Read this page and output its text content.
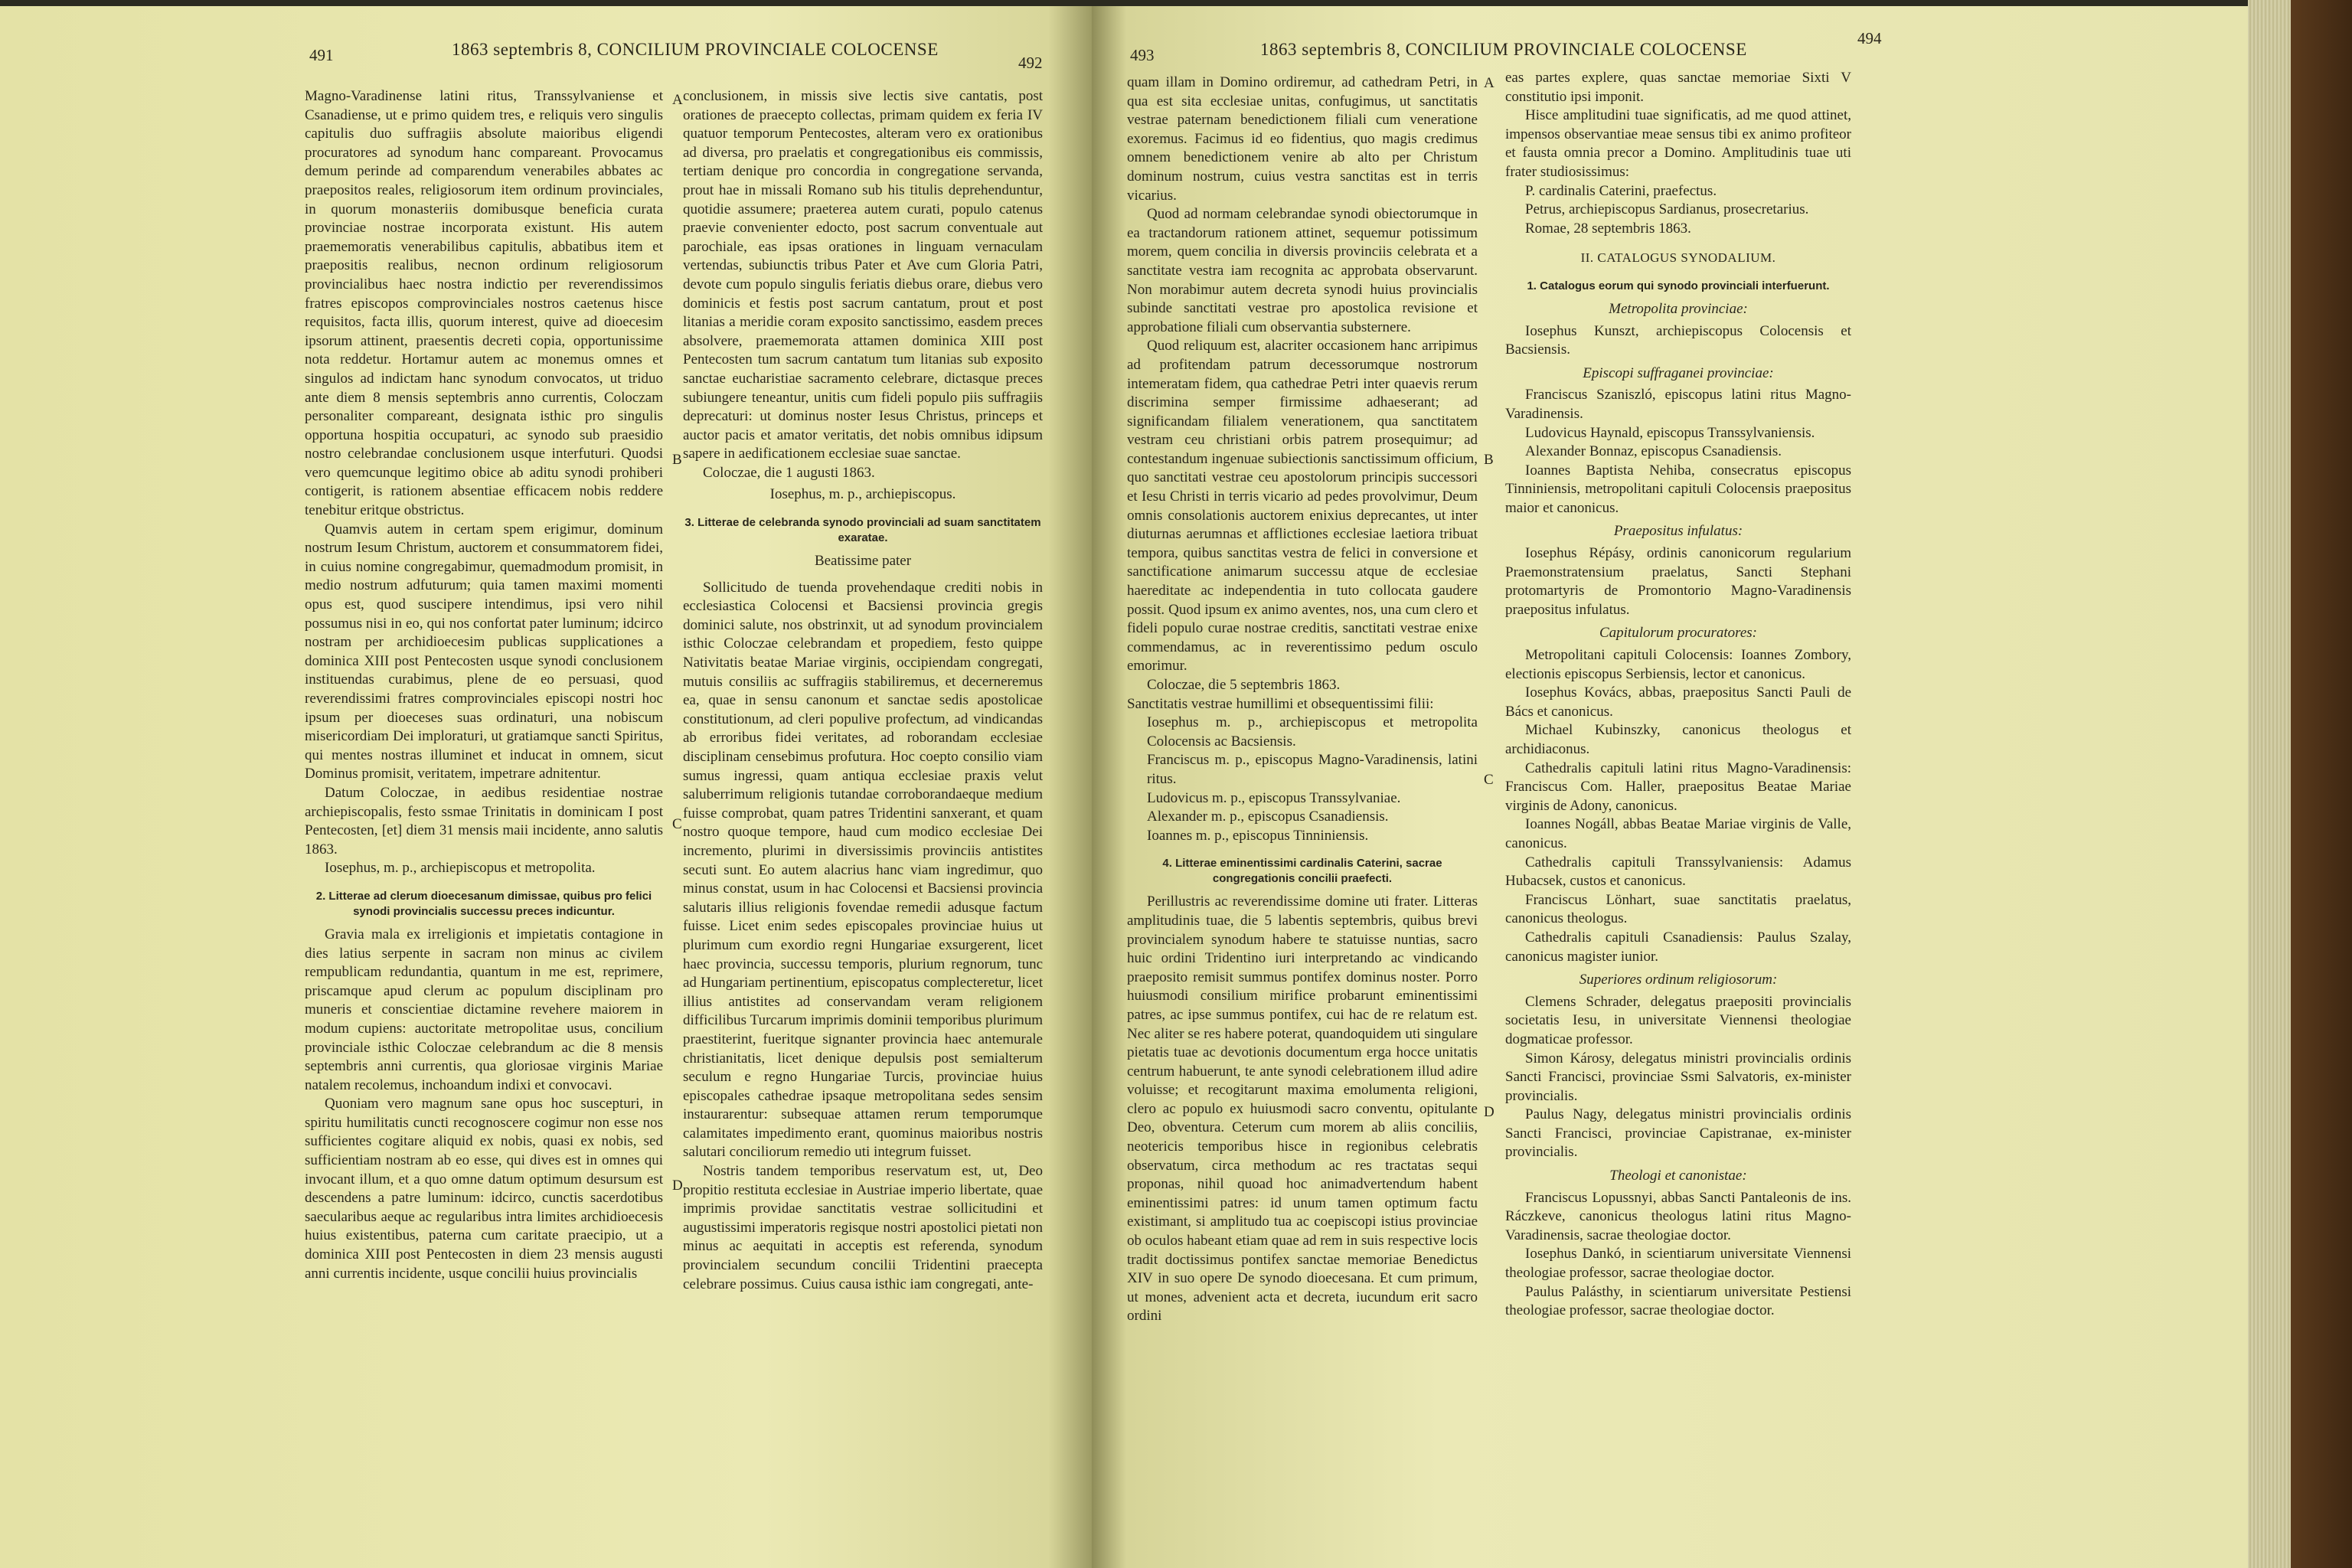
491	1863 septembris 8, CONCILIUM PROVINCIALE COLOCENSE
492
A
B
C
D

Magno-Varadinense latini ritus, Transsylvaniense et Csanadiense, ut e primo quidem tres, e reliquis vero singulis capitulis duo suffragiis absolute maioribus eligendi procuratores ad synodum hanc compareant. Provocamus demum perinde ad comparendum venerabiles abbates ac praepositos reales, religiosorum item ordinum provinciales, in quorum monasteriis domibusque beneficia curata provinciae nostrae incorporata existunt. His autem praememoratis venerabilibus capitulis, abbatibus item et praepositis realibus, necnon ordinum religiosorum provincialibus haec nostra indictio per reverendissimos fratres episcopos comprovinciales nostros caetenus hisce requisitos, facta illis, quorum interest, quive ad dioecesim ipsorum attinent, praesentis decreti copia, opportunissime nota reddetur. Hortamur autem ac monemus omnes et singulos ad indictam hanc synodum convocatos, ut triduo ante diem 8 mensis septembris anno currentis, Coloczam personaliter compareant, designata isthic pro singulis opportuna hospitia occupaturi, ac synodo sub praesidio nostro celebrandae conclusionem usque interfuturi. Quodsi vero quemcunque legitimo obice ab aditu synodi prohiberi contigerit, is rationem absentiae efficacem nobis reddere tenebitur eritque obstrictus.

Quamvis autem in certam spem erigimur, dominum nostrum Iesum Christum, auctorem et consummatorem fidei, in cuius nomine congregabimur, quemadmodum promisit, in medio nostrum adfuturum; quia tamen maximi momenti opus est, quod suscipere intendimus, ipsi vero nihil possumus nisi in eo, qui nos confortat pater luminum; idcirco nostram per archidioecesim publicas supplicationes a dominica XIII post Pentecosten usque synodi conclusionem instituendas curabimus, plene de eo persuasi, quod reverendissimi fratres comprovinciales episcopi nostri hoc ipsum per dioeceses suas ordinaturi, una nobiscum misericordiam Dei imploraturi, ut gratiamque sancti Spiritus, qui mentes nostras illuminet et inducat in omnem, sicut Dominus promisit, veritatem, impetrare adnitentur.

Datum Coloczae, in aedibus residentiae nostrae archiepiscopalis, festo ssmae Trinitatis in dominicam I post Pentecosten, [et] diem 31 mensis maii incidente, anno salutis 1863.

Iosephus, m. p., archiepiscopus et metropolita.

2. Litterae ad clerum dioecesanum dimissae, quibus pro felici synodi provincialis successu preces indicuntur.

Gravia mala ex irreligionis et impietatis contagione in dies latius serpente in sacram non minus ac civilem rempublicam redundantia, quantum in me est, reprimere, priscamque apud clerum ac populum disciplinam pro muneris et conscientiae dictamine revehere maiorem in modum cupiens: auctoritate metropolitae usus, concilium provinciale isthic Coloczae celebrandum ac die 8 mensis septembris anni currentis, qua gloriosae virginis Mariae natalem recolemus, inchoandum indixi et convocavi.

Quoniam vero magnum sane opus hoc suscepturi, in spiritu humilitatis cuncti recognoscere cogimur non esse nos sufficientes cogitare aliquid ex nobis, quasi ex nobis, sed sufficientiam nostram ab eo esse, qui dives est in omnes qui invocant illum, et a quo omne datum optimum desursum est descendens a patre luminum: idcirco, cunctis sacerdotibus saecularibus aeque ac regularibus intra limites archidioecesis huius existentibus, paterna cum caritate praecipio, ut a dominica XIII post Pentecosten in diem 23 mensis augusti anni currentis incidente, usque concilii huius provincialis

conclusionem, in missis sive lectis sive cantatis, post orationes de praecepto collectas, primam quidem ex feria IV quatuor temporum Pentecostes, alteram vero ex orationibus ad diversa, pro praelatis et congregationibus eis commissis, tertiam denique pro concordia in congregatione servanda, prout hae in missali Romano sub his titulis deprehenduntur, quotidie assumere; praeterea autem curati, populo catenus praevie convenienter edocto, post sacrum conventuale aut parochiale, eas ipsas orationes in linguam vernaculam vertendas, subiunctis tribus Pater et Ave cum Gloria Patri, devote cum populo singulis feriatis diebus orare, diebus vero dominicis et festis post sacrum cantatum, prout et post litanias a meridie coram exposito sanctissimo, easdem preces absolvere, praememorata attamen dominica XIII post Pentecosten tum sacrum cantatum tum litanias sub exposito sanctae eucharistiae sacramento celebrare, dictasque preces subiungere teneantur, unitis cum fideli populo piis suffragiis deprecaturi: ut dominus noster Iesus Christus, princeps et auctor pacis et amator veritatis, det nobis omnibus idipsum sapere in aedificationem ecclesiae suae sanctae.

Coloczae, die 1 augusti 1863.

Iosephus, m. p., archiepiscopus.

3. Litterae de celebranda synodo provinciali ad suam sanctitatem exaratae.

Beatissime pater

Sollicitudo de tuenda provehendaque crediti nobis in ecclesiastica Colocensi et Bacsiensi provincia gregis dominici salute, nos obstrinxit, ut ad synodum provincialem isthic Coloczae celebrandam et propediem, festo quippe Nativitatis beatae Mariae virginis, occipiendam congregati, mutuis consiliis ac suffragiis stabiliremus, et decerneremus ea, quae in sensu canonum et sanctae sedis apostolicae constitutionum, ad cleri populive profectum, ad vindicandas ab erroribus fidei veritates, ad roborandam ecclesiae disciplinam censebimus profutura. Hoc coepto consilio viam sumus ingressi, quam antiqua ecclesiae praxis velut saluberrimum religionis tutandae corroborandaeque medium fuisse comprobat, quam patres Tridentini sanxerant, et quam nostro quoque tempore, haud cum modico ecclesiae Dei incremento, plurimi in diversissimis provinciis antistites secuti sunt. Eo autem alacrius hanc viam ingredimur, quo minus constat, usum in hac Colocensi et Bacsiensi provincia salutaris illius religionis fovendae remedii adusque factum fuisse. Licet enim sedes episcopales provinciae huius ut plurimum cum exordio regni Hungariae exsurgerent, licet haec provincia, successu temporis, plurium regnorum, tunc ad Hungariam pertinentium, episcopatus complecteretur, licet illius antistites ad conservandam veram religionem difficilibus Turcarum imprimis dominii temporibus plurimum praestiterint, fueritque signanter provincia haec antemurale christianitatis, licet denique depulsis post semialterum seculum e regno Hungariae Turcis, provinciae huius episcopales cathedrae ipsaque metropolitana sedes sensim instaurarentur: subsequae attamen rerum temporumque calamitates impedimento erant, quominus maioribus nostris salutari conciliorum remedio uti integrum fuisset.

Nostris tandem temporibus reservatum est, ut, Deo propitio restituta ecclesiae in Austriae imperio libertate, quae imprimis providae sanctitatis vestrae sollicitudini et augustissimi imperatoris regisque nostri apostolici pietati non minus ac aequitati in acceptis est referenda, synodum provincialem secundum concilii Tridentini praecepta celebrare possimus. Cuius causa isthic iam congregati, ante-

493	1863 septembris 8, CONCILIUM PROVINCIALE COLOCENSE
494
A
B
C
D

quam illam in Domino ordiremur, ad cathedram Petri, in qua est sita ecclesiae unitas, confugimus, ut sanctitatis vestrae paternam benedictionem filiali cum veneratione exoremus. Facimus id eo fidentius, quo magis credimus omnem benedictionem venire ab alto per Christum dominum nostrum, cuius vestra sanctitas est in terris vicarius.

Quod ad normam celebrandae synodi obiectorumque in ea tractandorum rationem attinet, sequemur potissimum morem, quem concilia in diversis provinciis celebrata et a sanctitate vestra iam recognita ac approbata observarunt. Non morabimur autem decreta synodi huius provincialis subinde sanctitati vestrae pro apostolica revisione et approbatione filiali cum observantia substernere.

Quod reliquum est, alacriter occasionem hanc arripimus ad profitendam patrum decessorumque nostrorum intemeratam fidem, qua cathedrae Petri inter quaevis rerum discrimina semper firmissime adhaeserant; ad significandam filialem venerationem, qua sanctitatem vestram ceu christiani orbis patrem prosequimur; ad contestandum ingenuae subiectionis sanctissimum officium, quo sanctitati vestrae ceu apostolorum principis successori et Iesu Christi in terris vicario ad pedes provolvimur, Deum omnis consolationis auctorem enixius deprecantes, ut inter diuturnas aerumnas et afflictiones ecclesiae laetiora tribuat tempora, quibus sanctitas vestra de felici in conversione et sanctificatione animarum successu atque de ecclesiae haereditate ac independentia in tuto collocata gaudere possit. Quod ipsum ex animo aventes, nos, una cum clero et fideli populo curae nostrae creditis, sanctitati vestrae enixe commendamus, ac in reverentissimo pedum osculo emorimur.

Coloczae, die 5 septembris 1863.

Sanctitatis vestrae humillimi et obsequentissimi filii:

Iosephus m. p., archiepiscopus et metropolita Colocensis ac Bacsiensis.

Franciscus m. p., episcopus Magno-Varadinensis, latini ritus.

Ludovicus m. p., episcopus Transsylvaniae.

Alexander m. p., episcopus Csanadiensis.

Ioannes m. p., episcopus Tinniniensis.

4. Litterae eminentissimi cardinalis Caterini, sacrae congregationis concilii praefecti.

Perillustris ac reverendissime domine uti frater. Litteras amplitudinis tuae, die 5 labentis septembris, quibus brevi provincialem synodum habere te statuisse nuntias, sacro huic ordini Tridentino iuri interpretando ac vindicando praeposito remisit summus pontifex dominus noster. Porro huiusmodi consilium mirifice probarunt eminentissimi patres, ac ipse summus pontifex, cui hac de re relatum est. Nec aliter se res habere poterat, quandoquidem uti singulare pietatis tuae ac devotionis documentum erga hocce unitatis centrum habuerunt, te ante synodi celebrationem illud adire voluisse; et recogitarunt maxima emolumenta religioni, clero ac populo ex huiusmodi sacro conventu, opitulante Deo, obventura. Ceterum cum morem ab aliis conciliis, neotericis temporibus hisce in regionibus celebratis observatum, circa methodum ac res tractatas sequi proponas, nihil quoad hoc animadvertendum habent eminentissimi patres: id unum tamen optimum factu existimant, si amplitudo tua ac coepiscopi istius provinciae ob oculos habeant etiam quae ad rem in suis respective locis tradit doctissimus pontifex sanctae memoriae Benedictus XIV in suo opere De synodo dioecesana. Et cum primum, ut mones, advenient acta et decreta, iucundum erit sacro ordini

eas partes explere, quas sanctae memoriae Sixti V constitutio ipsi imponit.

Hisce amplitudini tuae significatis, ad me quod attinet, impensos observantiae meae sensus tibi ex animo profiteor et fausta omnia precor a Domino. Amplitudinis tuae uti frater studiosissimus:

P. cardinalis Caterini, praefectus.

Petrus, archiepiscopus Sardianus, prosecretarius.

Romae, 28 septembris 1863.

II. CATALOGUS SYNODALIUM.

1. Catalogus eorum qui synodo provinciali interfuerunt.

Metropolita provinciae:

Iosephus Kunszt, archiepiscopus Colocensis et Bacsiensis.

Episcopi suffraganei provinciae:

Franciscus Szaniszló, episcopus latini ritus Magno-Varadinensis.

Ludovicus Haynald, episcopus Transsylvaniensis.

Alexander Bonnaz, episcopus Csanadiensis.

Ioannes Baptista Nehiba, consecratus episcopus Tinniniensis, metropolitani capituli Colocensis praepositus maior et canonicus.

Praepositus infulatus:

Iosephus Répásy, ordinis canonicorum regularium Praemonstratensium praelatus, Sancti Stephani protomartyris de Promontorio Magno-Varadinensis praepositus infulatus.

Capitulorum procuratores:

Metropolitani capituli Colocensis: Ioannes Zombory, electionis episcopus Serbiensis, lector et canonicus.

Iosephus Kovács, abbas, praepositus Sancti Pauli de Bács et canonicus.

Michael Kubinszky, canonicus theologus et archidiaconus.

Cathedralis capituli latini ritus Magno-Varadinensis: Franciscus Com. Haller, praepositus Beatae Mariae virginis de Adony, canonicus.

Ioannes Nogáll, abbas Beatae Mariae virginis de Valle, canonicus.

Cathedralis capituli Transsylvaniensis: Adamus Hubacsek, custos et canonicus.

Franciscus Lönhart, suae sanctitatis praelatus, canonicus theologus.

Cathedralis capituli Csanadiensis: Paulus Szalay, canonicus magister iunior.

Superiores ordinum religiosorum:

Clemens Schrader, delegatus praepositi provincialis societatis Iesu, in universitate Viennensi theologiae dogmaticae professor.

Simon Károsy, delegatus ministri provincialis ordinis Sancti Francisci, provinciae Ssmi Salvatoris, ex-minister provincialis.

Paulus Nagy, delegatus ministri provincialis ordinis Sancti Francisci, provinciae Capistranae, ex-minister provincialis.

Theologi et canonistae:

Franciscus Lopussnyi, abbas Sancti Pantaleonis de ins. Ráczkeve, canonicus theologus latini ritus Magno-Varadinensis, sacrae theologiae doctor.

Iosephus Dankó, in scientiarum universitate Viennensi theologiae professor, sacrae theologiae doctor.

Paulus Palásthy, in scientiarum universitate Pestiensi theologiae professor, sacrae theologiae doctor.
